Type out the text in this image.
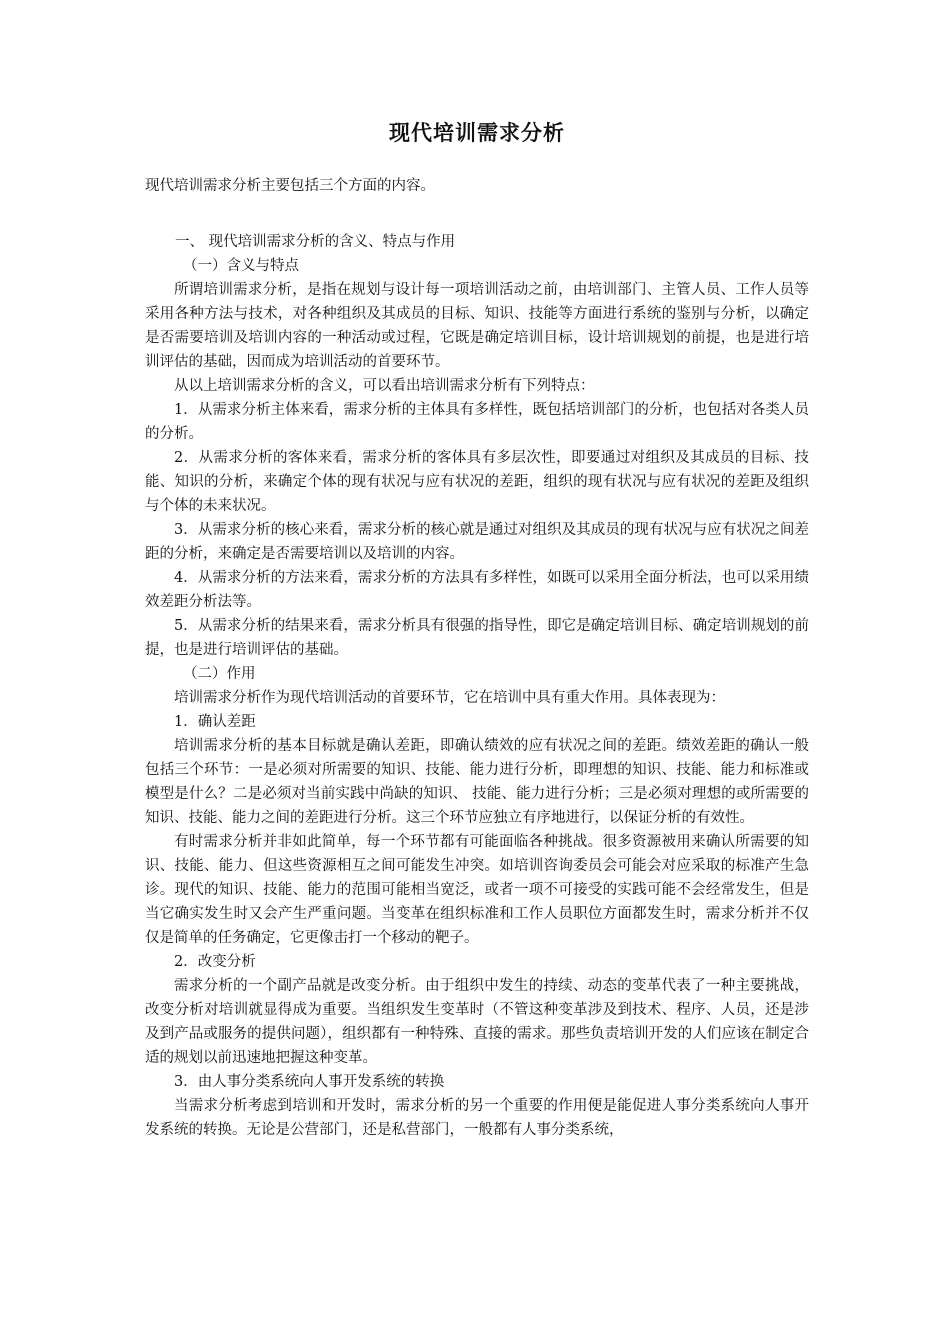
现代培训需求分析
现代培训需求分析主要包括三个方面的内容。
一、 现代培训需求分析的含义、特点与作用
（一）含义与特点

所谓培训需求分析，是指在规划与设计每一项培训活动之前，由培训部门、主管人员、工作人员等采用各种方法与技术，对各种组织及其成员的目标、知识、技能等方面进行系统的鉴别与分析，以确定是否需要培训及培训内容的一种活动或过程，它既是确定培训目标，设计培训规划的前提，也是进行培训评估的基础，因而成为培训活动的首要环节。

从以上培训需求分析的含义，可以看出培训需求分析有下列特点：

1．从需求分析主体来看，需求分析的主体具有多样性，既包括培训部门的分析，也包括对各类人员的分析。

2．从需求分析的客体来看，需求分析的客体具有多层次性，即要通过对组织及其成员的目标、技能、知识的分析，来确定个体的现有状况与应有状况的差距，组织的现有状况与应有状况的差距及组织与个体的未来状况。

3．从需求分析的核心来看，需求分析的核心就是通过对组织及其成员的现有状况与应有状况之间差距的分析，来确定是否需要培训以及培训的内容。

4．从需求分析的方法来看，需求分析的方法具有多样性，如既可以采用全面分析法，也可以采用绩效差距分析法等。

5．从需求分析的结果来看，需求分析具有很强的指导性，即它是确定培训目标、确定培训规划的前提，也是进行培训评估的基础。

（二）作用

培训需求分析作为现代培训活动的首要环节，它在培训中具有重大作用。具体表现为：

1．确认差距

培训需求分析的基本目标就是确认差距，即确认绩效的应有状况之间的差距。绩效差距的确认一般包括三个环节：一是必须对所需要的知识、技能、能力进行分析，即理想的知识、技能、能力和标准或模型是什么？二是必须对当前实践中尚缺的知识、 技能、能力进行分析；三是必须对理想的或所需要的知识、技能、能力之间的差距进行分析。这三个环节应独立有序地进行，以保证分析的有效性。

有时需求分析并非如此简单，每一个环节都有可能面临各种挑战。很多资源被用来确认所需要的知识、技能、能力、但这些资源相互之间可能发生冲突。如培训咨询委员会可能会对应采取的标准产生急诊。现代的知识、技能、能力的范围可能相当宽泛，或者一项不可接受的实践可能不会经常发生，但是当它确实发生时又会产生严重问题。当变革在组织标准和工作人员职位方面都发生时，需求分析并不仅仅是简单的任务确定，它更像击打一个移动的靶子。

2．改变分析

需求分析的一个副产品就是改变分析。由于组织中发生的持续、动态的变革代表了一种主要挑战，改变分析对培训就显得成为重要。当组织发生变革时（不管这种变革涉及到技术、程序、人员，还是涉及到产品或服务的提供问题），组织都有一种特殊、直接的需求。那些负责培训开发的人们应该在制定合适的规划以前迅速地把握这种变革。

3．由人事分类系统向人事开发系统的转换

当需求分析考虑到培训和开发时，需求分析的另一个重要的作用便是能促进人事分类系统向人事开发系统的转换。无论是公营部门，还是私营部门，一般都有人事分类系统，
